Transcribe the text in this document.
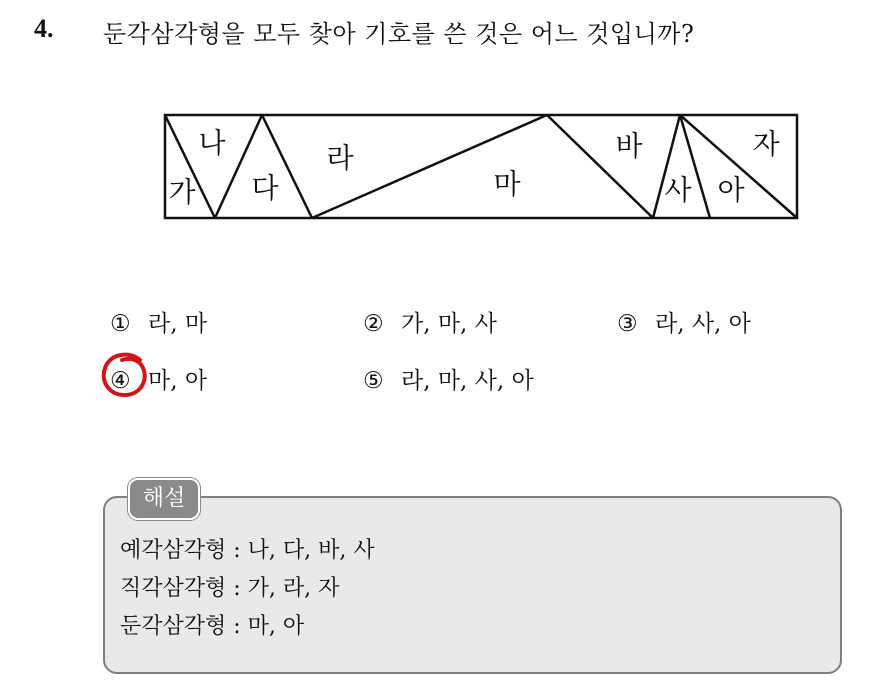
4. 둔각삼각형을 모두 찾아 기호를 쓴 것은 어느 것입니까?
가
나
다
라
마
바
사 아
자
① 라, 마	② 가, 마, 사	③ 라, 사, 아
④ 마, 아	⑤ 라, 마, 사, 아
해설
예각삼각형 : 나, 다, 바, 사
직각삼각형 : 가, 라, 자
둔각삼각형 : 마, 아
